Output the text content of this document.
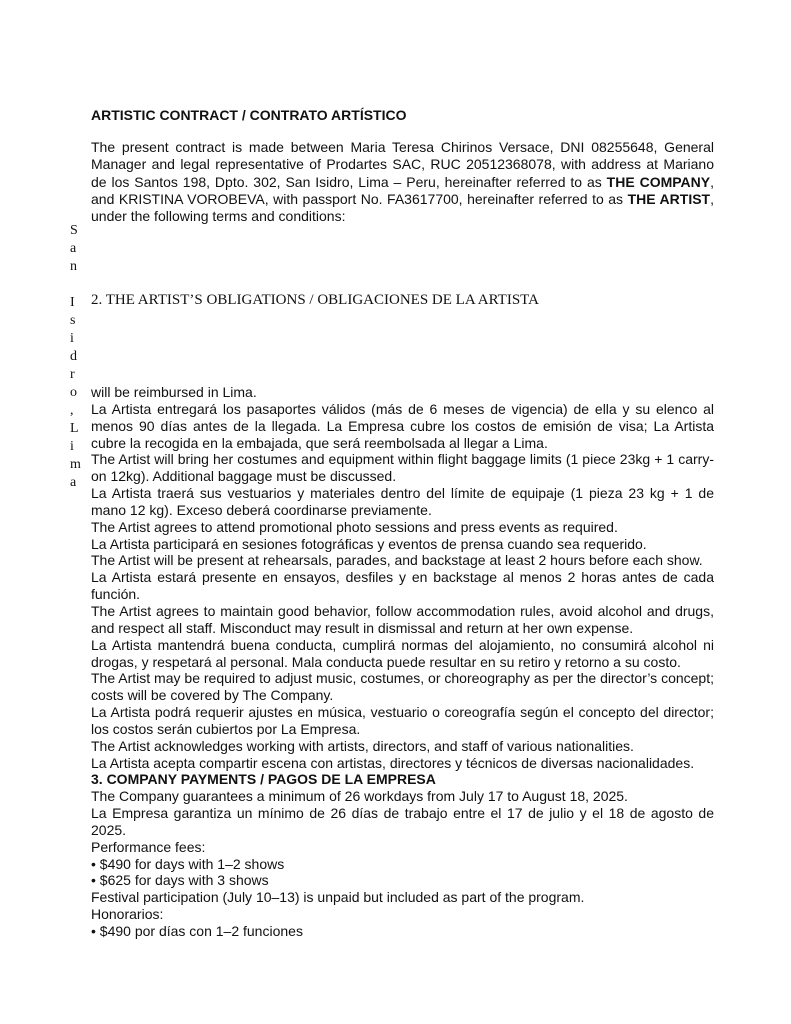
ARTISTIC CONTRACT / CONTRATO ARTÍSTICO
The present contract is made between Maria Teresa Chirinos Versace, DNI 08255648, General Manager and legal representative of Prodartes SAC, RUC 20512368078, with address at Mariano de los Santos 198, Dpto. 302, San Isidro, Lima – Peru, hereinafter referred to as THE COMPANY, and KRISTINA VOROBEVA, with passport No. FA3617700, hereinafter referred to as THE ARTIST, under the following terms and conditions:
S
a
n
I
s
i
d
r
o
,
L
i
m
a
2. THE ARTIST’S OBLIGATIONS / OBLIGACIONES DE LA ARTISTA

will be reimbursed in Lima.

La Artista entregará los pasaportes válidos (más de 6 meses de vigencia) de ella y su elenco al menos 90 días antes de la llegada. La Empresa cubre los costos de emisión de visa; La Artista cubre la recogida en la embajada, que será reembolsada al llegar a Lima.

The Artist will bring her costumes and equipment within flight baggage limits (1 piece 23kg + 1 carry-on 12kg). Additional baggage must be discussed.

La Artista traerá sus vestuarios y materiales dentro del límite de equipaje (1 pieza 23 kg + 1 de mano 12 kg). Exceso deberá coordinarse previamente.

The Artist agrees to attend promotional photo sessions and press events as required.

La Artista participará en sesiones fotográficas y eventos de prensa cuando sea requerido.

The Artist will be present at rehearsals, parades, and backstage at least 2 hours before each show.

La Artista estará presente en ensayos, desfiles y en backstage al menos 2 horas antes de cada función.

The Artist agrees to maintain good behavior, follow accommodation rules, avoid alcohol and drugs, and respect all staff. Misconduct may result in dismissal and return at her own expense.

La Artista mantendrá buena conducta, cumplirá normas del alojamiento, no consumirá alcohol ni drogas, y respetará al personal. Mala conducta puede resultar en su retiro y retorno a su costo.

The Artist may be required to adjust music, costumes, or choreography as per the director’s concept; costs will be covered by The Company.

La Artista podrá requerir ajustes en música, vestuario o coreografía según el concepto del director; los costos serán cubiertos por La Empresa.

The Artist acknowledges working with artists, directors, and staff of various nationalities.

La Artista acepta compartir escena con artistas, directores y técnicos de diversas nacionalidades.

3. COMPANY PAYMENTS / PAGOS DE LA EMPRESA

The Company guarantees a minimum of 26 workdays from July 17 to August 18, 2025.

La Empresa garantiza un mínimo de 26 días de trabajo entre el 17 de julio y el 18 de agosto de 2025.

Performance fees:

• $490 for days with 1–2 shows

• $625 for days with 3 shows

Festival participation (July 10–13) is unpaid but included as part of the program.

Honorarios:

• $490 por días con 1–2 funciones
